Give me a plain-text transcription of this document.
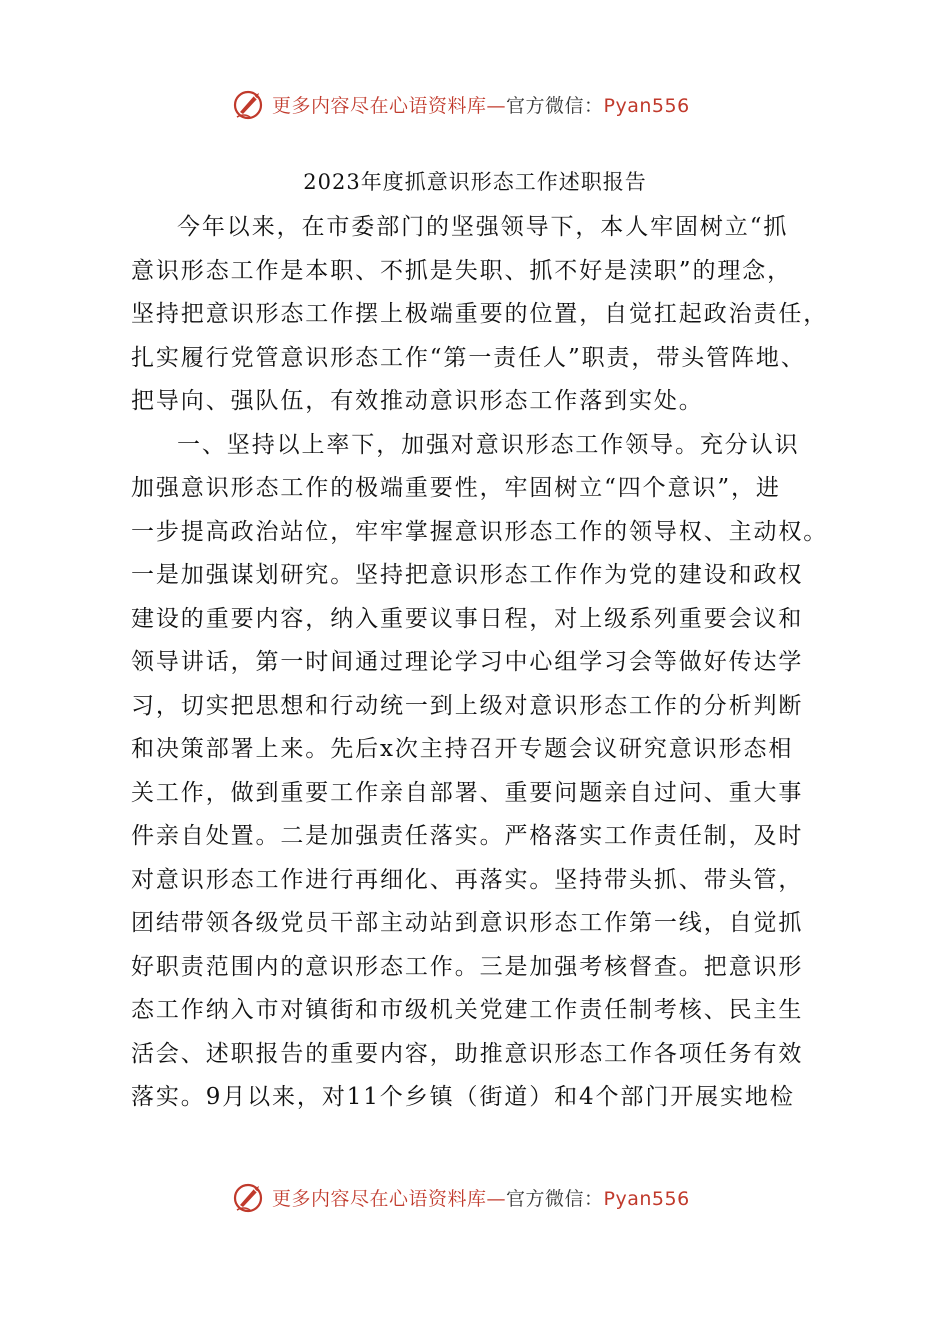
更多内容尽在心语资料库—官方微信：Pyan556
2023年度抓意识形态工作述职报告
今年以来，在市委部门的坚强领导下，本人牢固树立“抓
意识形态工作是本职、不抓是失职、抓不好是渎职”的理念，
坚持把意识形态工作摆上极端重要的位置，自觉扛起政治责任，
扎实履行党管意识形态工作“第一责任人”职责，带头管阵地、
把导向、强队伍，有效推动意识形态工作落到实处。
一、坚持以上率下，加强对意识形态工作领导。充分认识
加强意识形态工作的极端重要性，牢固树立“四个意识”，进
一步提高政治站位，牢牢掌握意识形态工作的领导权、主动权。
一是加强谋划研究。坚持把意识形态工作作为党的建设和政权
建设的重要内容，纳入重要议事日程，对上级系列重要会议和
领导讲话，第一时间通过理论学习中心组学习会等做好传达学
习，切实把思想和行动统一到上级对意识形态工作的分析判断
和决策部署上来。先后x次主持召开专题会议研究意识形态相
关工作，做到重要工作亲自部署、重要问题亲自过问、重大事
件亲自处置。二是加强责任落实。严格落实工作责任制，及时
对意识形态工作进行再细化、再落实。坚持带头抓、带头管，
团结带领各级党员干部主动站到意识形态工作第一线，自觉抓
好职责范围内的意识形态工作。三是加强考核督查。把意识形
态工作纳入市对镇街和市级机关党建工作责任制考核、民主生
活会、述职报告的重要内容，助推意识形态工作各项任务有效
落实。9月以来，对11个乡镇（街道）和4个部门开展实地检
更多内容尽在心语资料库—官方微信：Pyan556
